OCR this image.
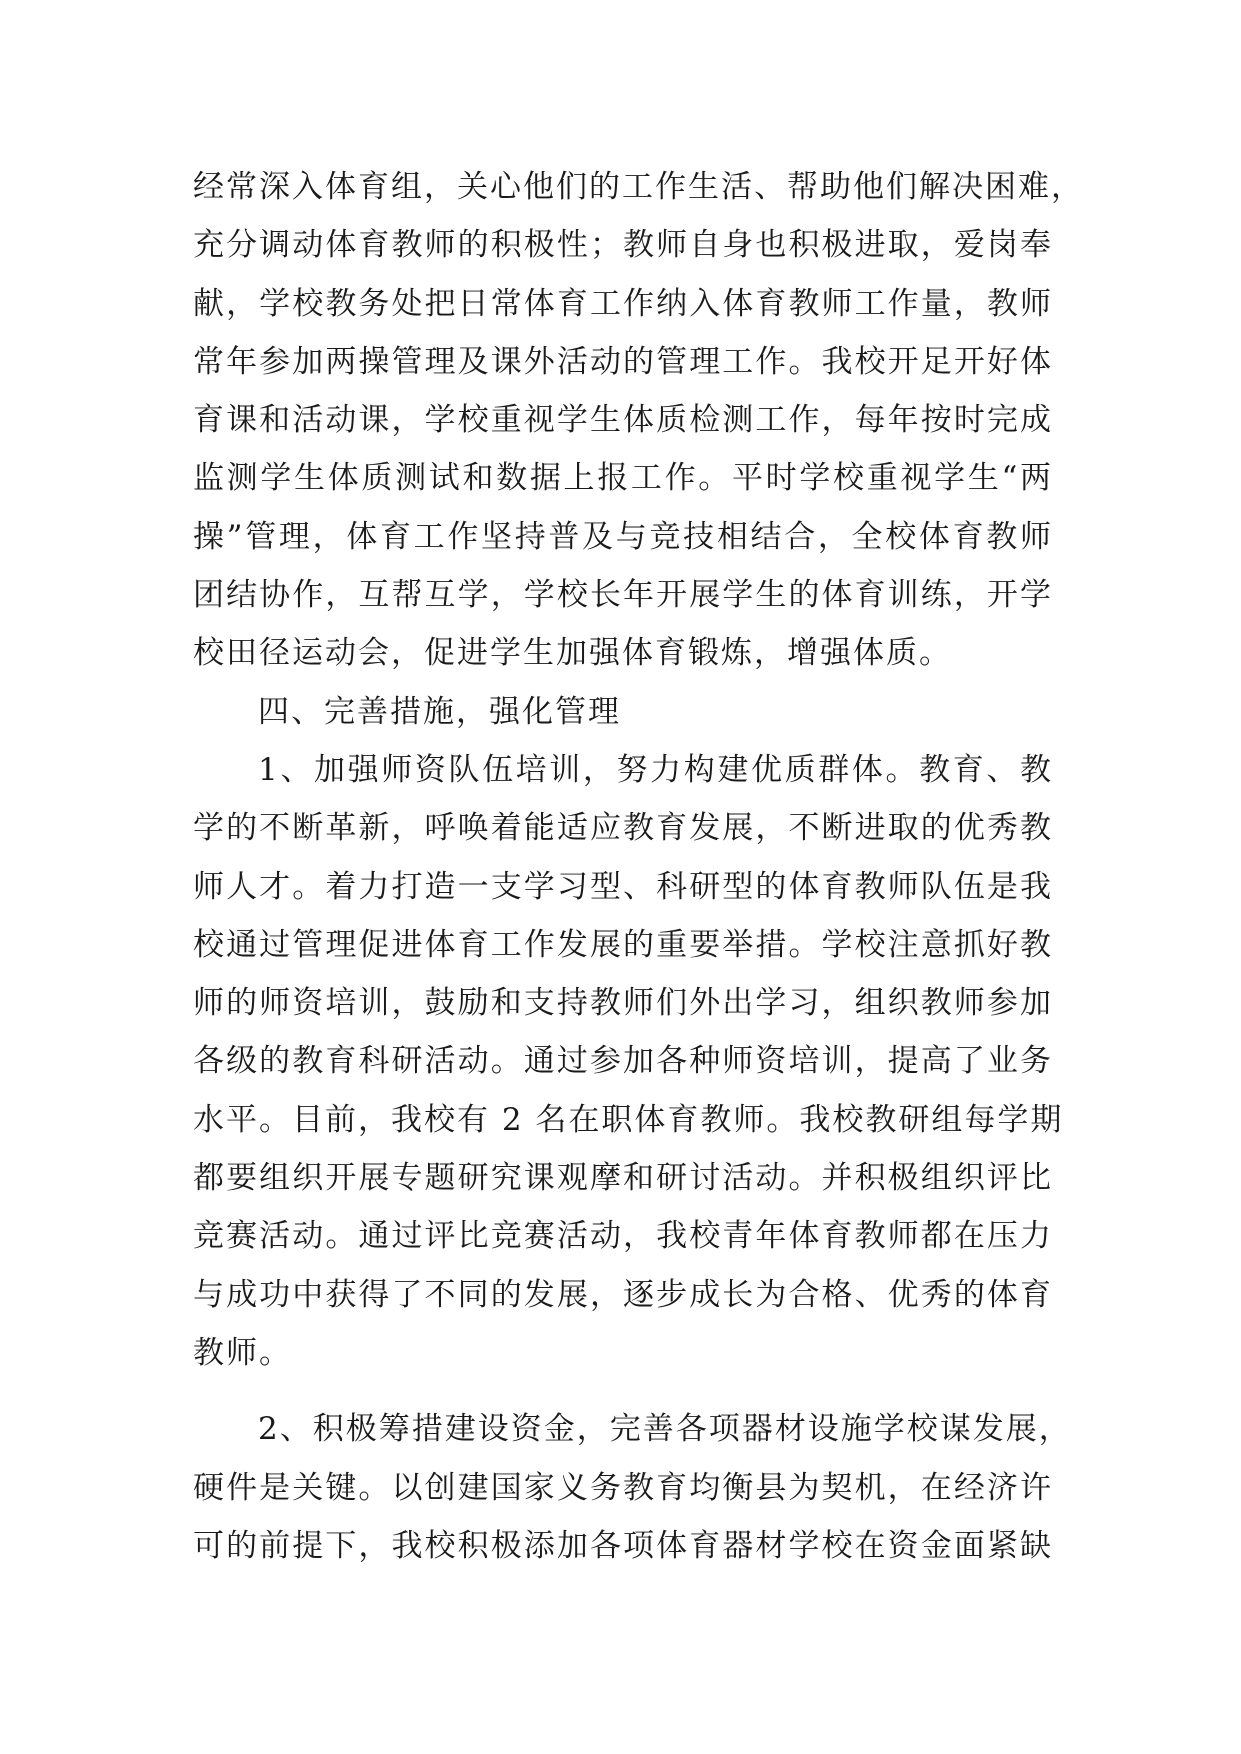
经常深入体育组，关心他们的工作生活、帮助他们解决困难，
充分调动体育教师的积极性；教师自身也积极进取，爱岗奉
献，学校教务处把日常体育工作纳入体育教师工作量，教师
常年参加两操管理及课外活动的管理工作。我校开足开好体
育课和活动课，学校重视学生体质检测工作，每年按时完成
监测学生体质测试和数据上报工作。平时学校重视学生“两
操”管理，体育工作坚持普及与竞技相结合，全校体育教师
团结协作，互帮互学，学校长年开展学生的体育训练，开学
校田径运动会，促进学生加强体育锻炼，增强体质。
四、完善措施，强化管理
1、加强师资队伍培训，努力构建优质群体。教育、教
学的不断革新，呼唤着能适应教育发展，不断进取的优秀教
师人才。着力打造一支学习型、科研型的体育教师队伍是我
校通过管理促进体育工作发展的重要举措。学校注意抓好教
师的师资培训，鼓励和支持教师们外出学习，组织教师参加
各级的教育科研活动。通过参加各种师资培训，提高了业务
水平。目前，我校有 2 名在职体育教师。我校教研组每学期
都要组织开展专题研究课观摩和研讨活动。并积极组织评比
竞赛活动。通过评比竞赛活动，我校青年体育教师都在压力
与成功中获得了不同的发展，逐步成长为合格、优秀的体育
教师。
2、积极筹措建设资金，完善各项器材设施学校谋发展，
硬件是关键。以创建国家义务教育均衡县为契机，在经济许
可的前提下，我校积极添加各项体育器材学校在资金面紧缺
